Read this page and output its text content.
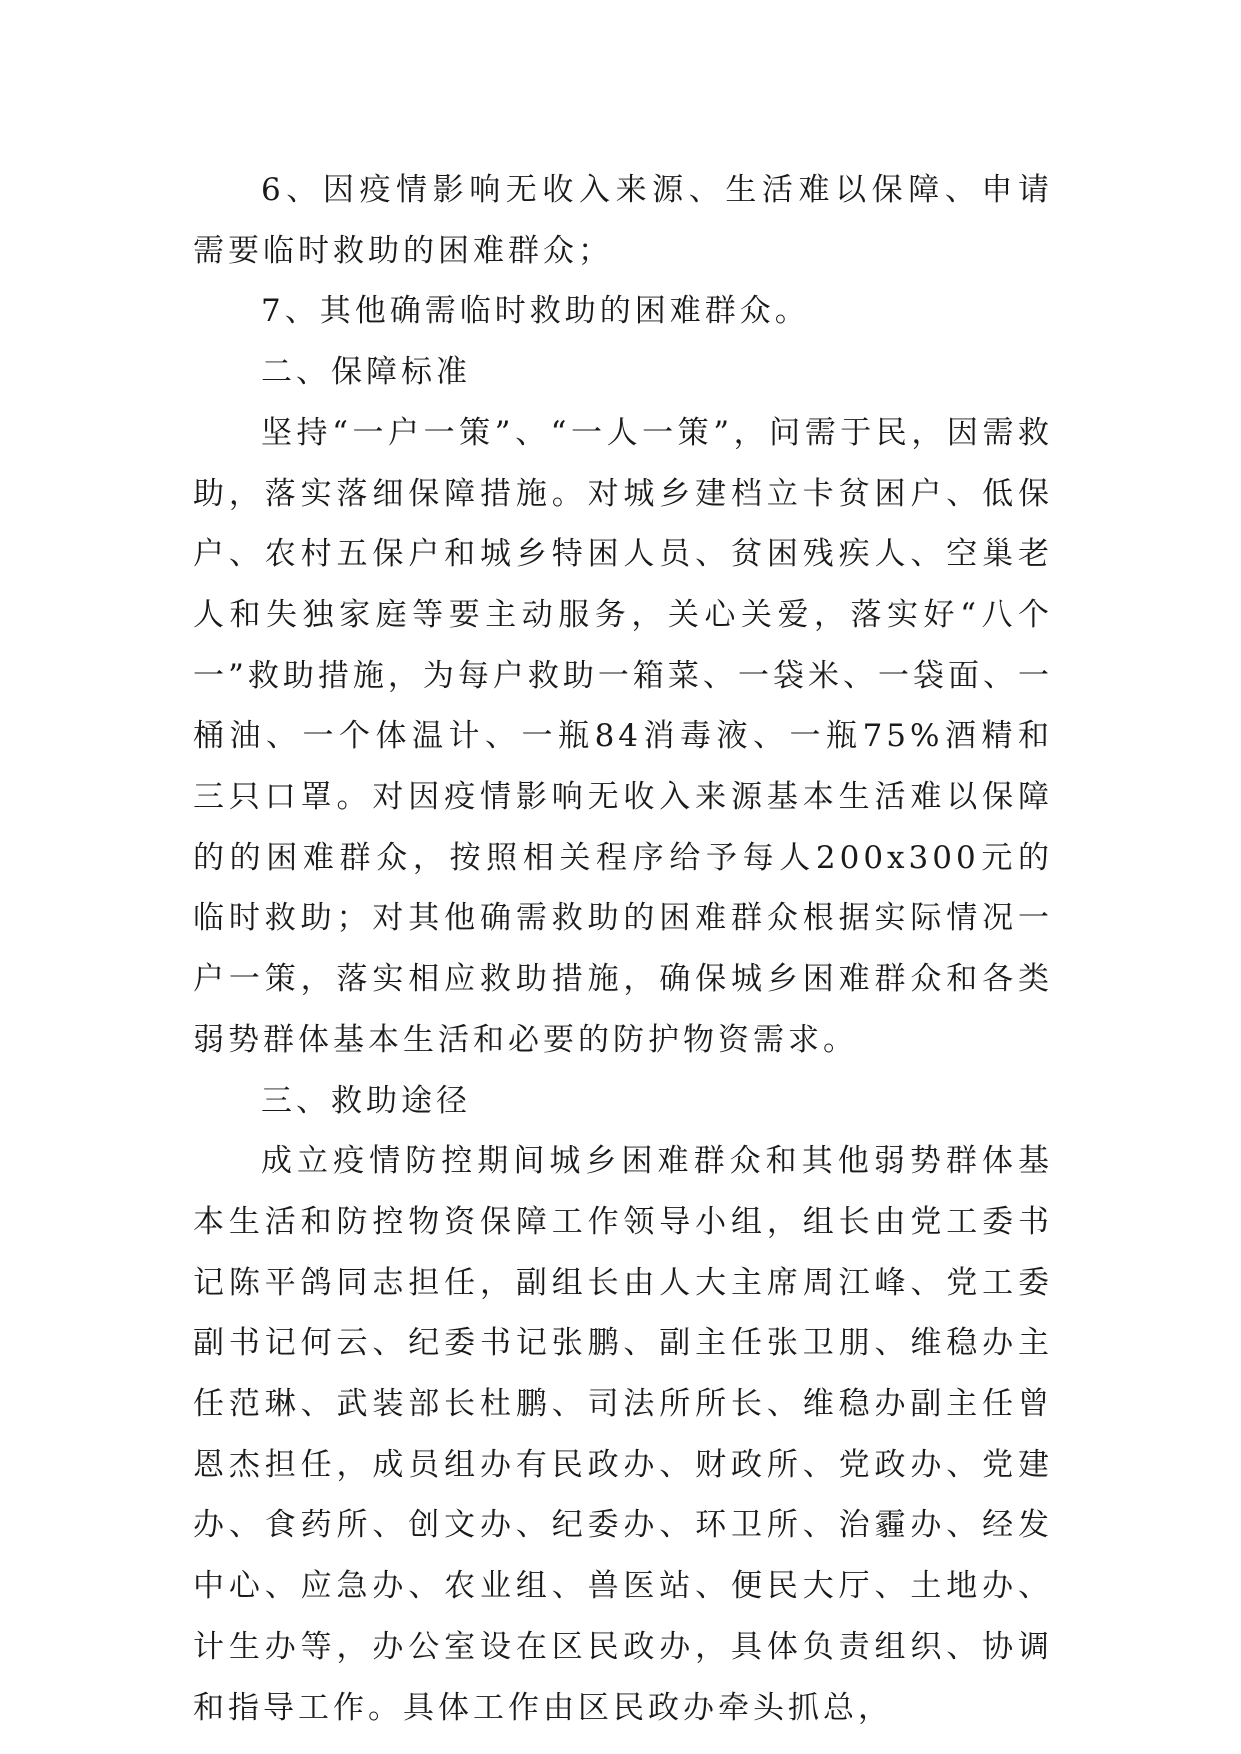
6、因疫情影响无收入来源、生活难以保障、申请需要临时救助的困难群众；

7、其他确需临时救助的困难群众。

二、保障标准

坚持“一户一策”、“一人一策”，问需于民，因需救助，落实落细保障措施。对城乡建档立卡贫困户、低保户、农村五保户和城乡特困人员、贫困残疾人、空巢老人和失独家庭等要主动服务，关心关爱，落实好“八个一”救助措施，为每户救助一箱菜、一袋米、一袋面、一桶油、一个体温计、一瓶84消毒液、一瓶75%酒精和三只口罩。对因疫情影响无收入来源基本生活难以保障的的困难群众，按照相关程序给予每人200x300元的临时救助；对其他确需救助的困难群众根据实际情况一户一策，落实相应救助措施，确保城乡困难群众和各类弱势群体基本生活和必要的防护物资需求。

三、救助途径

成立疫情防控期间城乡困难群众和其他弱势群体基本生活和防控物资保障工作领导小组，组长由党工委书记陈平鸽同志担任，副组长由人大主席周江峰、党工委副书记何云、纪委书记张鹏、副主任张卫朋、维稳办主任范琳、武装部长杜鹏、司法所所长、维稳办副主任曾恩杰担任，成员组办有民政办、财政所、党政办、党建办、食药所、创文办、纪委办、环卫所、治霾办、经发中心、应急办、农业组、兽医站、便民大厅、土地办、计生办等，办公室设在区民政办，具体负责组织、协调和指导工作。具体工作由区民政办牵头抓总，
